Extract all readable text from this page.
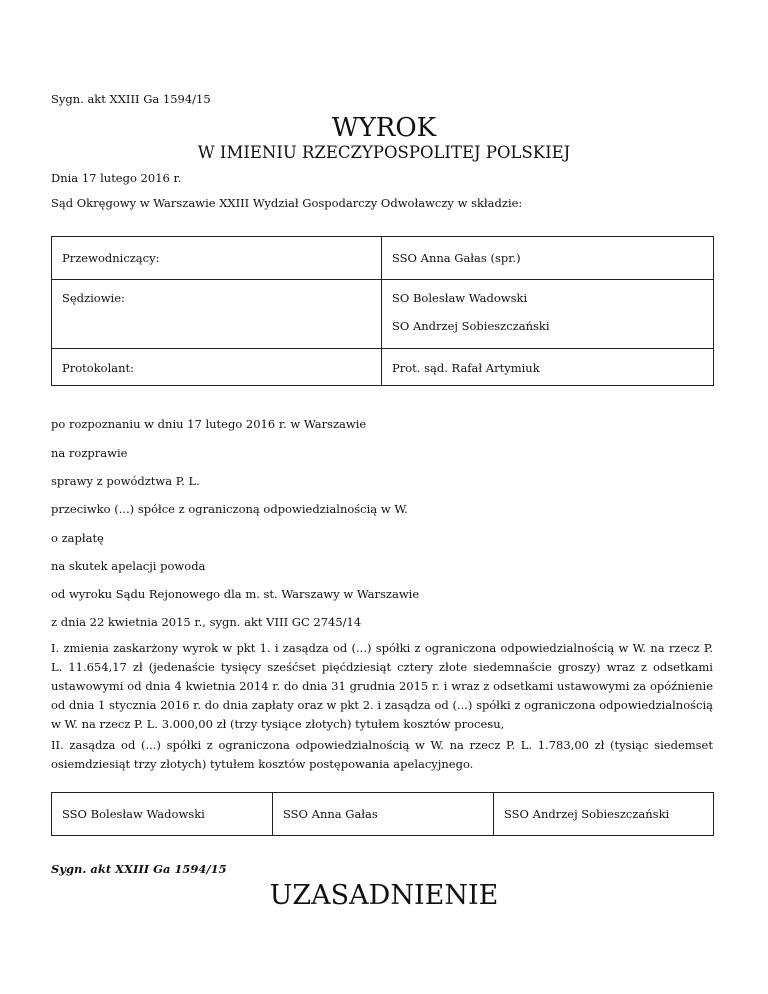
Sygn. akt XXIII Ga 1594/15
WYROK
W IMIENIU RZECZYPOSPOLITEJ POLSKIEJ
Dnia 17 lutego 2016 r.
Sąd Okręgowy w Warszawie XXIII Wydział Gospodarczy Odwoławczy w składzie:
Przewodniczący:	SSO Anna Gałas (spr.)
Sędziowie:	SO Bolesław Wadowski
SO Andrzej Sobieszczański
Protokolant:	Prot. sąd. Rafał Artymiuk
po rozpoznaniu w dniu 17 lutego 2016 r. w Warszawie
na rozprawie
sprawy z powództwa P. L.
przeciwko (...) spółce z ograniczoną odpowiedzialnością w W.
o zapłatę
na skutek apelacji powoda
od wyroku Sądu Rejonowego dla m. st. Warszawy w Warszawie
z dnia 22 kwietnia 2015 r., sygn. akt VIII GC 2745/14
I. zmienia zaskarżony wyrok w pkt 1. i zasądza od (...) spółki z ograniczona odpowiedzialnością w W. na rzecz P. L. 11.654,17 zł (jedenaście tysięcy sześćset pięćdziesiąt cztery złote siedemnaście groszy) wraz z odsetkami ustawowymi od dnia 4 kwietnia 2014 r. do dnia 31 grudnia 2015 r. i wraz z odsetkami ustawowymi za opóźnienie od dnia 1 stycznia 2016 r. do dnia zapłaty oraz w pkt 2. i zasądza od (...) spółki z ograniczona odpowiedzialnością w W. na rzecz P. L. 3.000,00 zł (trzy tysiące złotych) tytułem kosztów procesu,
II. zasądza od (...) spółki z ograniczona odpowiedzialnością w W. na rzecz P. L. 1.783,00 zł (tysiąc siedemset osiemdziesiąt trzy złotych) tytułem kosztów postępowania apelacyjnego.
SSO Bolesław Wadowski	SSO Anna Gałas	SSO Andrzej Sobieszczański
Sygn. akt XXIII Ga 1594/15
UZASADNIENIE
